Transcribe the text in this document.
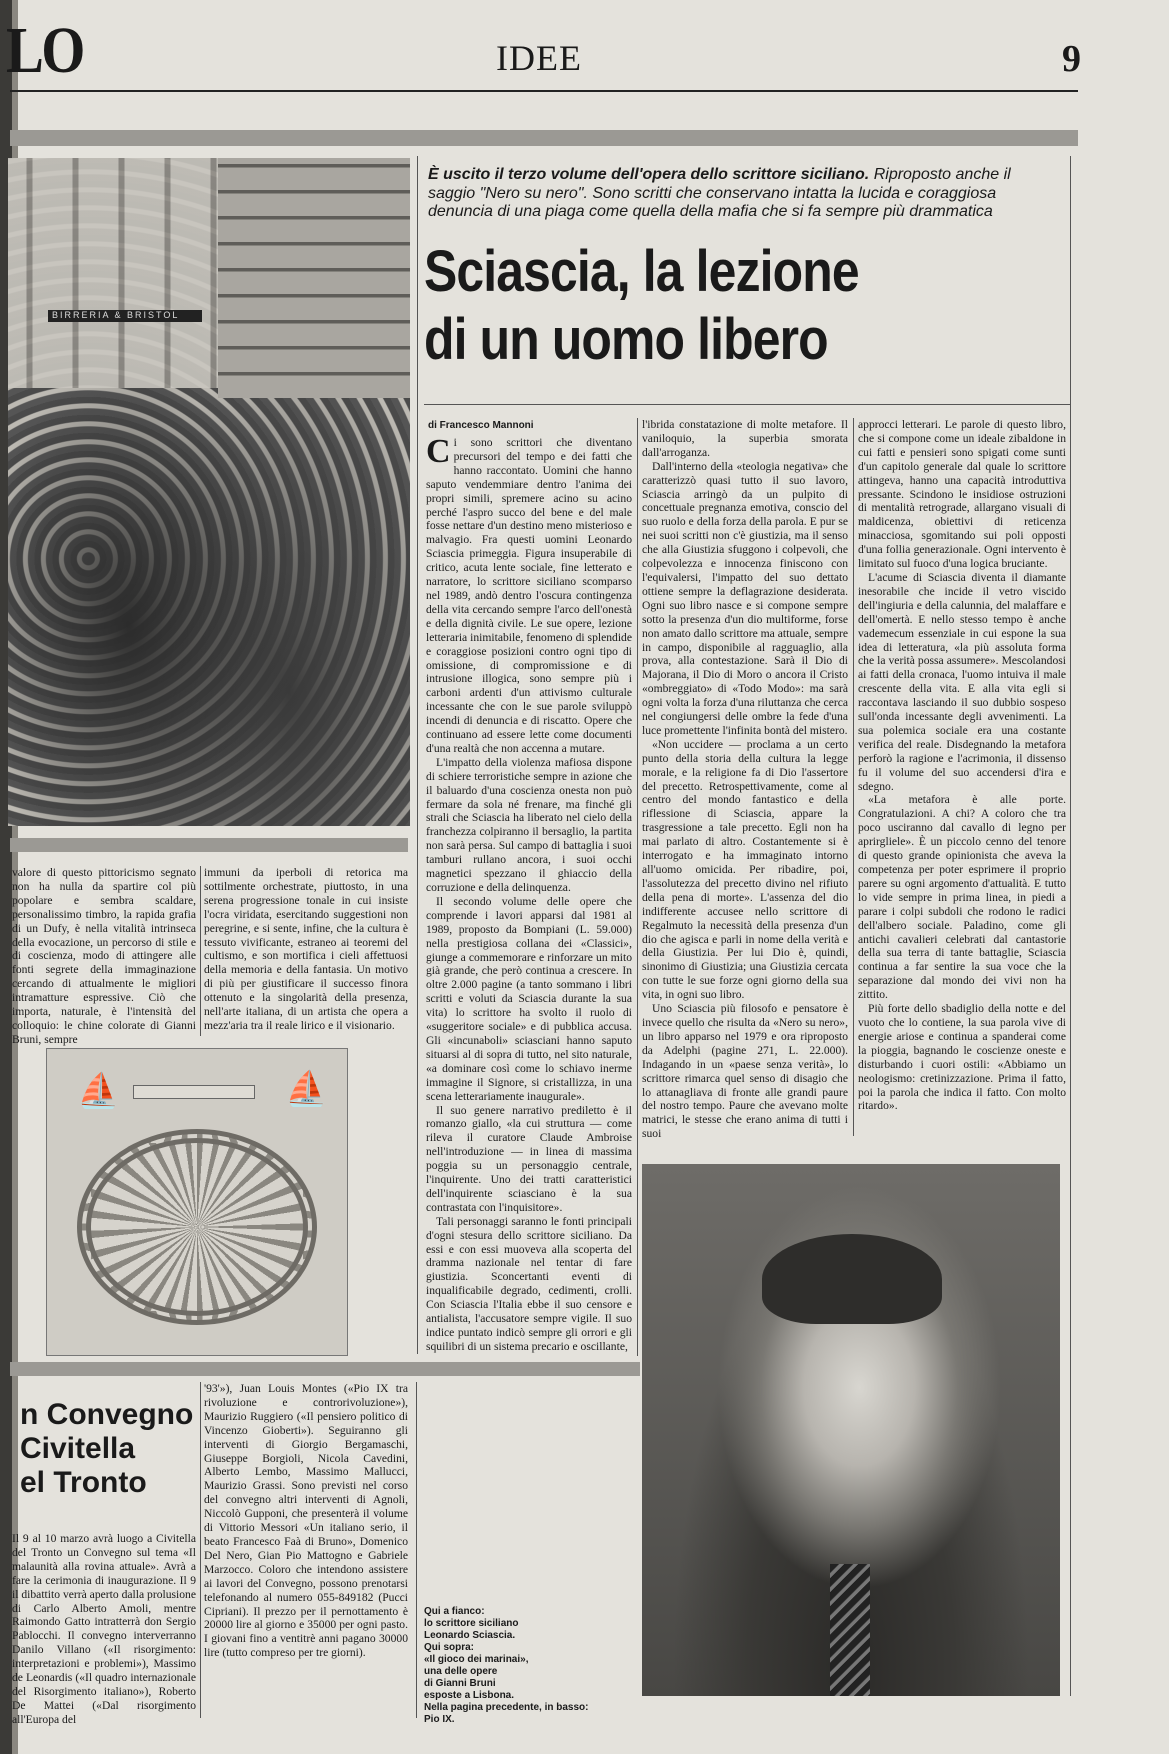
LO	IDEE	9
BIRRERIA & BRISTOL

È uscito il terzo volume dell'opera dello scrittore siciliano. Riproposto anche il saggio "Nero su nero". Sono scritti che conservano intatta la lucida e coraggiosa denuncia di una piaga come quella della mafia che si fa sempre più drammatica

Sciascia, la lezione
di un uomo libero
di Francesco Mannoni

Ci sono scrittori che diventano precursori del tempo e dei fatti che hanno raccontato. Uomini che hanno saputo vendemmiare dentro l'anima dei propri simili, spremere acino su acino perché l'aspro succo del bene e del male fosse nettare d'un destino meno misterioso e malvagio. Fra questi uomini Leonardo Sciascia primeggia. Figura insuperabile di critico, acuta lente sociale, fine letterato e narratore, lo scrittore siciliano scomparso nel 1989, andò dentro l'oscura contingenza della vita cercando sempre l'arco dell'onestà e della dignità civile. Le sue opere, lezione letteraria inimitabile, fenomeno di splendide e coraggiose posizioni contro ogni tipo di omissione, di compromissione e di intrusione illogica, sono sempre più i carboni ardenti d'un attivismo culturale incessante che con le sue parole sviluppò incendi di denuncia e di riscatto. Opere che continuano ad essere lette come documenti d'una realtà che non accenna a mutare.

L'impatto della violenza mafiosa dispone di schiere terroristiche sempre in azione che il baluardo d'una coscienza onesta non può fermare da sola né frenare, ma finché gli strali che Sciascia ha liberato nel cielo della franchezza colpiranno il bersaglio, la partita non sarà persa. Sul campo di battaglia i suoi tamburi rullano ancora, i suoi occhi magnetici spezzano il ghiaccio della corruzione e della delinquenza.

Il secondo volume delle opere che comprende i lavori apparsi dal 1981 al 1989, proposto da Bompiani (L. 59.000) nella prestigiosa collana dei «Classici», giunge a commemorare e rinforzare un mito già grande, che però continua a crescere. In oltre 2.000 pagine (a tanto sommano i libri scritti e voluti da Sciascia durante la sua vita) lo scrittore ha svolto il ruolo di «suggeritore sociale» e di pubblica accusa. Gli «incunaboli» sciasciani hanno saputo situarsi al di sopra di tutto, nel sito naturale, «a dominare così come lo schiavo inerme immagine il Signore, si cristallizza, in una scena letterariamente inaugurale».

Il suo genere narrativo prediletto è il romanzo giallo, «la cui struttura — come rileva il curatore Claude Ambroise nell'introduzione — in linea di massima poggia su un personaggio centrale, l'inquirente. Uno dei tratti caratteristici dell'inquirente sciasciano è la sua contrastata con l'inquisitore».

Tali personaggi saranno le fonti principali d'ogni stesura dello scrittore siciliano. Da essi e con essi muoveva alla scoperta del dramma nazionale nel tentar di fare giustizia. Sconcertanti eventi di inqualificabile degrado, cedimenti, crolli. Con Sciascia l'Italia ebbe il suo censore e antialista, l'accusatore sempre vigile. Il suo indice puntato indicò sempre gli orrori e gli squilibri di un sistema precario e oscillante,

l'ibrida constatazione di molte metafore. Il vaniloquio, la superbia smorata dall'arroganza.

Dall'interno della «teologia negativa» che caratterizzò quasi tutto il suo lavoro, Sciascia arringò da un pulpito di concettuale pregnanza emotiva, conscio del suo ruolo e della forza della parola. E pur se nei suoi scritti non c'è giustizia, ma il senso che alla Giustizia sfuggono i colpevoli, che colpevolezza e innocenza finiscono con l'equivalersi, l'impatto del suo dettato ottiene sempre la deflagrazione desiderata. Ogni suo libro nasce e si compone sempre sotto la presenza d'un dio multiforme, forse non amato dallo scrittore ma attuale, sempre in campo, disponibile al ragguaglio, alla prova, alla contestazione. Sarà il Dio di Majorana, il Dio di Moro o ancora il Cristo «ombreggiato» di «Todo Modo»: ma sarà ogni volta la forza d'una riluttanza che cerca nel congiungersi delle ombre la fede d'una luce promettente l'infinita bontà del mistero.

«Non uccidere — proclama a un certo punto della storia della cultura la legge morale, e la religione fa di Dio l'assertore del precetto. Retrospettivamente, come al centro del mondo fantastico e della riflessione di Sciascia, appare la trasgressione a tale precetto. Egli non ha mai parlato di altro. Costantemente si è interrogato e ha immaginato intorno all'uomo omicida. Per ribadire, poi, l'assolutezza del precetto divino nel rifiuto della pena di morte». L'assenza del dio indifferente accusee nello scrittore di Regalmuto la necessità della presenza d'un dio che agisca e parli in nome della verità e della Giustizia. Per lui Dio è, quindi, sinonimo di Giustizia; una Giustizia cercata con tutte le sue forze ogni giorno della sua vita, in ogni suo libro.

Uno Sciascia più filosofo e pensatore è invece quello che risulta da «Nero su nero», un libro apparso nel 1979 e ora riproposto da Adelphi (pagine 271, L. 22.000). Indagando in un «paese senza verità», lo scrittore rimarca quel senso di disagio che lo attanagliava di fronte alle grandi paure del nostro tempo. Paure che avevano molte matrici, le stesse che erano anima di tutti i suoi

approcci letterari. Le parole di questo libro, che si compone come un ideale zibaldone in cui fatti e pensieri sono spigati come sunti d'un capitolo generale dal quale lo scrittore attingeva, hanno una capacità introduttiva pressante. Scindono le insidiose ostruzioni di mentalità retrograde, allargano visuali di maldicenza, obiettivi di reticenza minacciosa, sgomitando sui poli opposti d'una follia generazionale. Ogni intervento è limitato sul fuoco d'una logica bruciante.

L'acume di Sciascia diventa il diamante inesorabile che incide il vetro viscido dell'ingiuria e della calunnia, del malaffare e dell'omertà. E nello stesso tempo è anche vademecum essenziale in cui espone la sua idea di letteratura, «la più assoluta forma che la verità possa assumere». Mescolandosi ai fatti della cronaca, l'uomo intuiva il male crescente della vita. E alla vita egli si raccontava lasciando il suo dubbio sospeso sull'onda incessante degli avvenimenti. La sua polemica sociale era una costante verifica del reale. Disdegnando la metafora perforò la ragione e l'acrimonia, il dissenso fu il volume del suo accendersi d'ira e sdegno.

«La metafora è alle porte. Congratulazioni. A chi? A coloro che tra poco usciranno dal cavallo di legno per aprirgliele». È un piccolo cenno del tenore di questo grande opinionista che aveva la competenza per poter esprimere il proprio parere su ogni argomento d'attualità. E tutto lo vide sempre in prima linea, in piedi a parare i colpi subdoli che rodono le radici dell'albero sociale. Paladino, come gli antichi cavalieri celebrati dal cantastorie della sua terra di tante battaglie, Sciascia continua a far sentire la sua voce che la separazione dal mondo dei vivi non ha zittito.

Più forte dello sbadiglio della notte e del vuoto che lo contiene, la sua parola vive di energie ariose e continua a spanderai come la pioggia, bagnando le coscienze oneste e disturbando i cuori ostili: «Abbiamo un neologismo: cretinizzazione. Prima il fatto, poi la parola che indica il fatto. Con molto ritardo».

valore di questo pittoricismo segnato non ha nulla da spartire col più popolare e sembra scaldare, personalissimo timbro, la rapida grafia di un Dufy, è nella vitalità intrinseca della evocazione, un percorso di stile e di coscienza, modo di attingere alle fonti segrete della immaginazione cercando di attualmente le migliori intramatture espressive. Ciò che importa, naturale, è l'intensità del colloquio: le chine colorate di Gianni Bruni, sempre

immuni da iperboli di retorica ma sottilmente orchestrate, piuttosto, in una serena progressione tonale in cui insiste l'ocra viridata, esercitando suggestioni non peregrine, e si sente, infine, che la cultura è tessuto vivificante, estraneo ai teoremi del cultismo, e son mortifica i cieli affettuosi della memoria e della fantasia. Un motivo di più per giustificare il successo finora ottenuto e la singolarità della presenza, nell'arte italiana, di un artista che opera a mezz'aria tra il reale lirico e il visionario.

⛵	⛵
n Convegno
Civitella
el Tronto

Il 9 al 10 marzo avrà luogo a Civitella del Tronto un Convegno sul tema «Il malaunità alla rovina attuale». Avrà a fare la cerimonia di inaugurazione. Il 9 il dibattito verrà aperto dalla prolusione di Carlo Alberto Amoli, mentre Raimondo Gatto intratterrà don Sergio Pablocchi. Il convegno interverranno Danilo Villano («Il risorgimento: interpretazioni e problemi»), Massimo de Leonardis («Il quadro internazionale del Risorgimento italiano»), Roberto De Mattei («Dal risorgimento all'Europa del

'93'»), Juan Louis Montes («Pio IX tra rivoluzione e controrivoluzione»), Maurizio Ruggiero («Il pensiero politico di Vincenzo Gioberti»). Seguiranno gli interventi di Giorgio Bergamaschi, Giuseppe Borgioli, Nicola Cavedini, Alberto Lembo, Massimo Mallucci, Maurizio Grassi. Sono previsti nel corso del convegno altri interventi di Agnoli, Niccolò Gupponi, che presenterà il volume di Vittorio Messori «Un italiano serio, il beato Francesco Faà di Bruno», Domenico Del Nero, Gian Pio Mattogno e Gabriele Marzocco. Coloro che intendono assistere ai lavori del Convegno, possono prenotarsi telefonando al numero 055-849182 (Pucci Cipriani). Il prezzo per il pernottamento è 20000 lire al giorno e 35000 per ogni pasto. I giovani fino a ventitrè anni pagano 30000 lire (tutto compreso per tre giorni).

Qui a fianco:
lo scrittore siciliano
Leonardo Sciascia.
Qui sopra:
«Il gioco dei marinai»,
una delle opere
di Gianni Bruni
esposte a Lisbona.
Nella pagina precedente, in basso:
Pio IX.
